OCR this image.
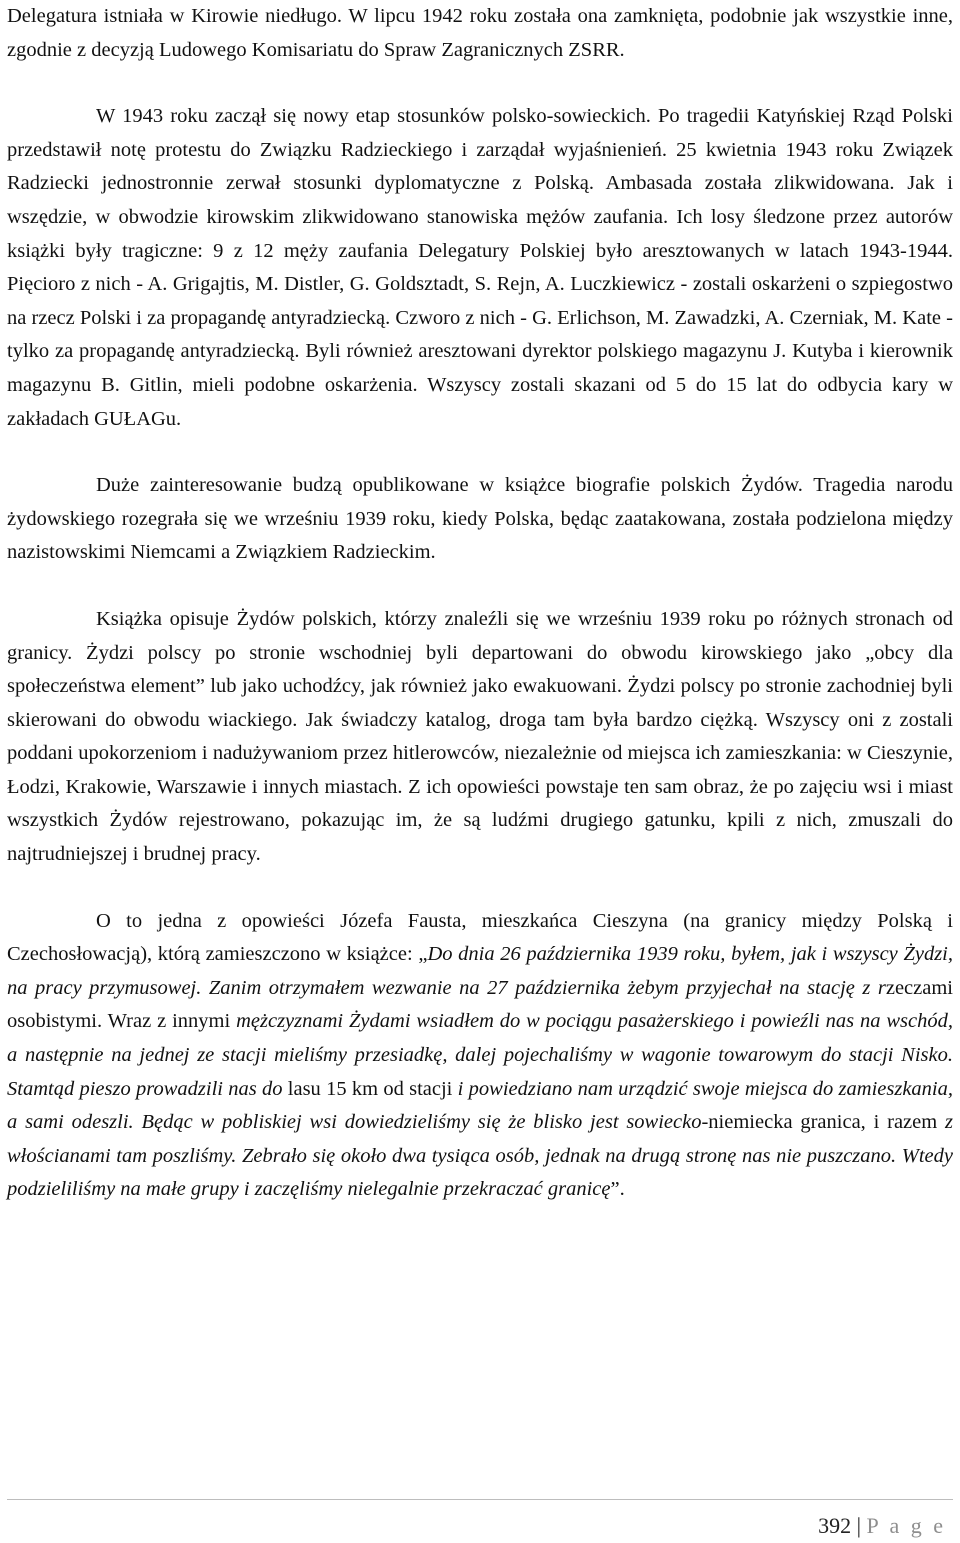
Delegatura istniała w Kirowie niedługo. W lipcu 1942 roku została ona zamknięta, podobnie jak wszystkie inne, zgodnie z decyzją Ludowego Komisariatu do Spraw Zagranicznych ZSRR.

W 1943 roku zaczął się nowy etap stosunków polsko-sowieckich. Po tragedii Katyńskiej Rząd Polski przedstawił notę protestu do Związku Radzieckiego i zarządał wyjaśnienień. 25 kwietnia 1943 roku Związek Radziecki jednostronnie zerwał stosunki dyplomatyczne z Polską. Ambasada została zlikwidowana. Jak i wszędzie, w obwodzie kirowskim zlikwidowano stanowiska mężów zaufania. Ich losy śledzone przez autorów książki były tragiczne: 9 z 12 męży zaufania Delegatury Polskiej było aresztowanych w latach 1943-1944. Pięcioro z nich - A. Grigajtis, M. Distler, G. Goldsztadt, S. Rejn, A. Luczkiewicz - zostali oskarżeni o szpiegostwo na rzecz Polski i za propagandę antyradziecką. Czworo z nich - G. Erlichson, M. Zawadzki, A. Czerniak, M. Kate - tylko za propagandę antyradziecką. Byli również aresztowani dyrektor polskiego magazynu J. Kutyba i kierownik magazynu B. Gitlin, mieli podobne oskarżenia. Wszyscy zostali skazani od 5 do 15 lat do odbycia kary w zakładach GUŁAGu.

Duże zainteresowanie budzą opublikowane w książce biografie polskich Żydów. Tragedia narodu żydowskiego rozegrała się we wrześniu 1939 roku, kiedy Polska, będąc zaatakowana, została podzielona między nazistowskimi Niemcami a Związkiem Radzieckim.

Książka opisuje Żydów polskich, którzy znaleźli się we wrześniu 1939 roku po różnych stronach od granicy. Żydzi polscy po stronie wschodniej byli departowani do obwodu kirowskiego jako „obcy dla społeczeństwa element” lub jako uchodźcy, jak również jako ewakuowani. Żydzi polscy po stronie zachodniej byli skierowani do obwodu wiackiego. Jak świadczy katalog, droga tam była bardzo ciężką. Wszyscy oni z zostali poddani upokorzeniom i nadużywaniom przez hitlerowców, niezależnie od miejsca ich zamieszkania: w Cieszynie, Łodzi, Krakowie, Warszawie i innych miastach. Z ich opowieści powstaje ten sam obraz, że po zajęciu wsi i miast wszystkich Żydów rejestrowano, pokazując im, że są ludźmi drugiego gatunku, kpili z nich, zmuszali do najtrudniejszej i brudnej pracy.

O to jedna z opowieści Józefa Fausta, mieszkańca Cieszyna (na granicy między Polską i Czechosłowacją), którą zamieszczono w książce: „Do dnia 26 października 1939 roku, byłem, jak i wszyscy Żydzi, na pracy przymusowej. Zanim otrzymałem wezwanie na 27 października żebym przyjechał na stację z rzeczami osobistymi. Wraz z innymi mężczyznami Żydami wsiadłem do w pociągu pasażerskiego i powieźli nas na wschód, a następnie na jednej ze stacji mieliśmy przesiadkę, dalej pojechaliśmy w wagonie towarowym do stacji Nisko. Stamtąd pieszo prowadzili nas do lasu 15 km od stacji i powiedziano nam urządzić swoje miejsca do zamieszkania, a sami odeszli. Będąc w pobliskiej wsi dowiedzieliśmy się że blisko jest sowiecko-niemiecka granica, i razem z włościanami tam poszliśmy. Zebrało się około dwa tysiąca osób, jednak na drugą stronę nas nie puszczano. Wtedy podzieliliśmy na małe grupy i zaczęliśmy nielegalnie przekraczać granicę”.

392 | P a g e
